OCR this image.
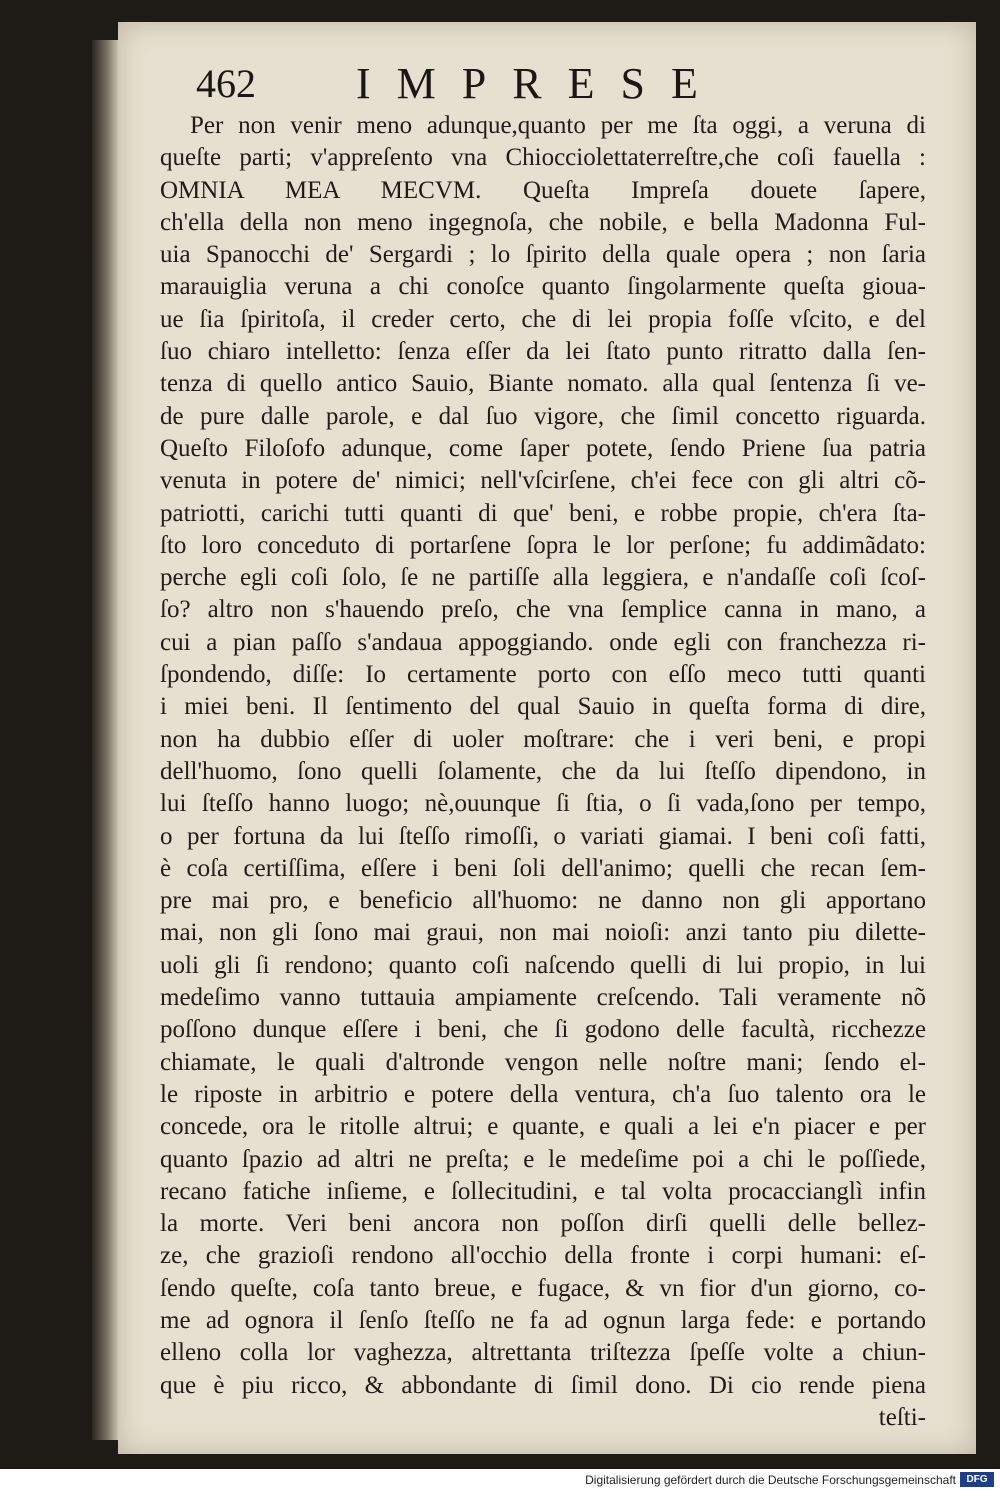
462 IMPRESE
Per non venir meno adunque,quanto per me ſta oggi, a veruna di
queſte parti; v'appreſento vna Chiocciolettaterreſtre,che coſi fauella :
OMNIA MEA MECVM. Queſta Impreſa douete ſapere,
ch'ella della non meno ingegnoſa, che nobile, e bella Madonna Ful-
uia Spanocchi de' Sergardi ; lo ſpirito della quale opera ; non ſaria
marauiglia veruna a chi conoſce quanto ſingolarmente queſta gioua-
ue ſia ſpiritoſa, il creder certo, che di lei propia foſſe vſcito, e del
ſuo chiaro intelletto: ſenza eſſer da lei ſtato punto ritratto dalla ſen-
tenza di quello antico Sauio, Biante nomato. alla qual ſentenza ſi ve-
de pure dalle parole, e dal ſuo vigore, che ſimil concetto riguarda.
Queſto Filoſofo adunque, come ſaper potete, ſendo Priene ſua patria
venuta in potere de' nimici; nell'vſcirſene, ch'ei fece con gli altri cõ-
patriotti, carichi tutti quanti di que' beni, e robbe propie, ch'era ſta-
ſto loro conceduto di portarſene ſopra le lor perſone; fu addimãdato:
perche egli coſi ſolo, ſe ne partiſſe alla leggiera, e n'andaſſe coſi ſcoſ-
ſo? altro non s'hauendo preſo, che vna ſemplice canna in mano, a
cui a pian paſſo s'andaua appoggiando. onde egli con franchezza ri-
ſpondendo, diſſe: Io certamente porto con eſſo meco tutti quanti
i miei beni. Il ſentimento del qual Sauio in queſta forma di dire,
non ha dubbio eſſer di uoler moſtrare: che i veri beni, e propi
dell'huomo, ſono quelli ſolamente, che da lui ſteſſo dipendono, in
lui ſteſſo hanno luogo; nè,ouunque ſi ſtia, o ſi vada,ſono per tempo,
o per fortuna da lui ſteſſo rimoſſi, o variati giamai. I beni coſi fatti,
è coſa certiſſima, eſſere i beni ſoli dell'animo; quelli che recan ſem-
pre mai pro, e beneficio all'huomo: ne danno non gli apportano
mai, non gli ſono mai graui, non mai noioſi: anzi tanto piu dilette-
uoli gli ſi rendono; quanto coſi naſcendo quelli di lui propio, in lui
medeſimo vanno tuttauia ampiamente creſcendo. Tali veramente nõ
poſſono dunque eſſere i beni, che ſi godono delle facultà, ricchezze
chiamate, le quali d'altronde vengon nelle noſtre mani; ſendo el-
le riposte in arbitrio e potere della ventura, ch'a ſuo talento ora le
concede, ora le ritolle altrui; e quante, e quali a lei e'n piacer e per
quanto ſpazio ad altri ne preſta; e le medeſime poi a chi le poſſiede,
recano fatiche inſieme, e ſollecitudini, e tal volta procaccianglì infin
la morte. Veri beni ancora non poſſon dirſi quelli delle bellez-
ze, che grazioſi rendono all'occhio della fronte i corpi humani: eſ-
ſendo queſte, coſa tanto breue, e fugace, & vn fior d'un giorno, co-
me ad ognora il ſenſo ſteſſo ne fa ad ognun larga fede: e portando
elleno colla lor vaghezza, altrettanta triſtezza ſpeſſe volte a chiun-
que è piu ricco, & abbondante di ſimil dono. Di cio rende piena
teſti-
Digitalisierung gefördert durch die Deutsche Forschungsgemeinschaft	DFG
